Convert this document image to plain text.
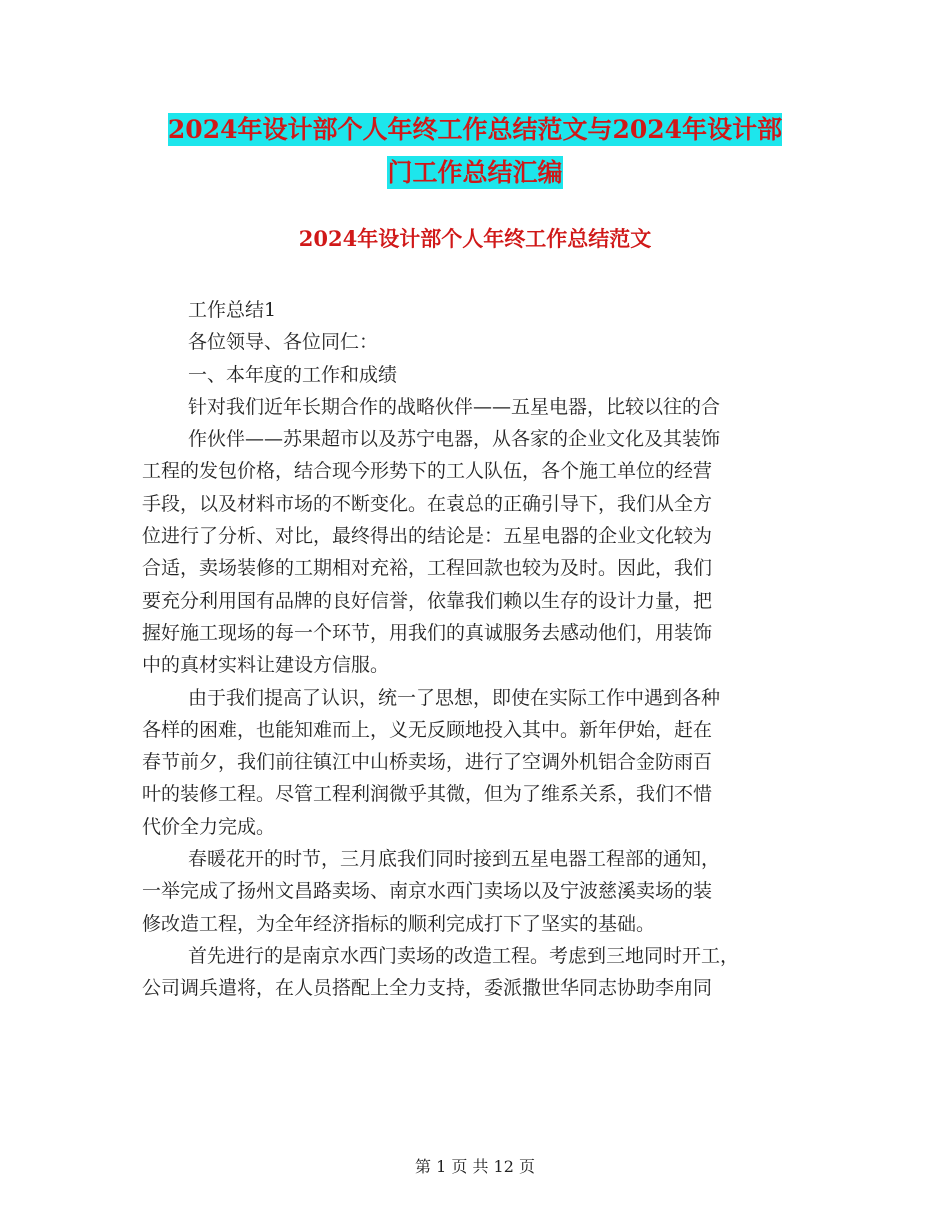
2024年设计部个人年终工作总结范文与2024年设计部
门工作总结汇编
2024年设计部个人年终工作总结范文
工作总结1
各位领导、各位同仁：
一、本年度的工作和成绩
针对我们近年长期合作的战略伙伴——五星电器，比较以往的合
作伙伴——苏果超市以及苏宁电器，从各家的企业文化及其装饰
工程的发包价格，结合现今形势下的工人队伍，各个施工单位的经营
手段，以及材料市场的不断变化。在袁总的正确引导下，我们从全方
位进行了分析、对比，最终得出的结论是：五星电器的企业文化较为
合适，卖场装修的工期相对充裕，工程回款也较为及时。因此，我们
要充分利用国有品牌的良好信誉，依靠我们赖以生存的设计力量，把
握好施工现场的每一个环节，用我们的真诚服务去感动他们，用装饰
中的真材实料让建设方信服。
由于我们提高了认识，统一了思想，即使在实际工作中遇到各种
各样的困难，也能知难而上，义无反顾地投入其中。新年伊始，赶在
春节前夕，我们前往镇江中山桥卖场，进行了空调外机铝合金防雨百
叶的装修工程。尽管工程利润微乎其微，但为了维系关系，我们不惜
代价全力完成。
春暖花开的时节，三月底我们同时接到五星电器工程部的通知，
一举完成了扬州文昌路卖场、南京水西门卖场以及宁波慈溪卖场的装
修改造工程，为全年经济指标的顺利完成打下了坚实的基础。
首先进行的是南京水西门卖场的改造工程。考虑到三地同时开工，
公司调兵遣将，在人员搭配上全力支持，委派撒世华同志协助李甪同
第 1 页 共 12 页
